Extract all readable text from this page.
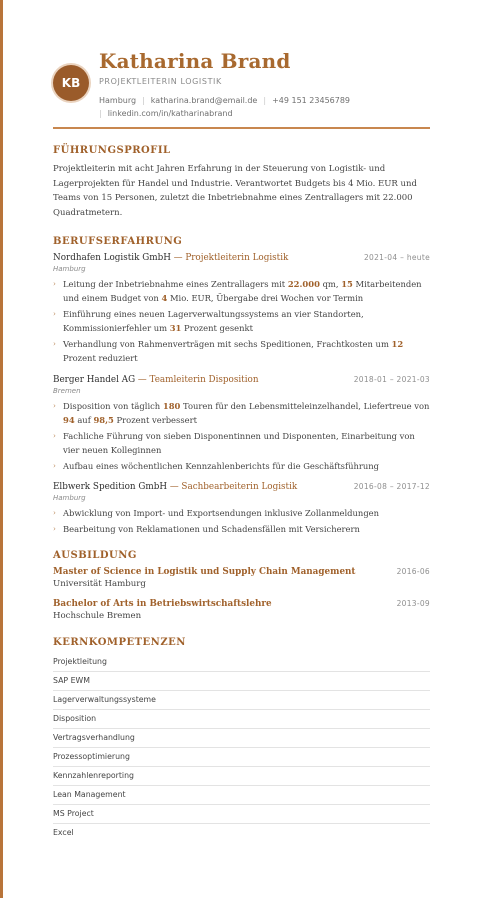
KB
Katharina Brand
PROJEKTLEITERIN LOGISTIK
Hamburg | katharina.brand@email.de | +49 151 23456789
| linkedin.com/in/katharinabrand
FÜHRUNGSPROFIL
Projektleiterin mit acht Jahren Erfahrung in der Steuerung von Logistik- und Lagerprojekten für Handel und Industrie. Verantwortet Budgets bis 4 Mio. EUR und Teams von 15 Personen, zuletzt die Inbetriebnahme eines Zentrallagers mit 22.000 Quadratmetern.
BERUFSERFAHRUNG
Nordhafen Logistik GmbH — Projektleiterin Logistik	2021-04 – heute
Hamburg
› Leitung der Inbetriebnahme eines Zentrallagers mit 22.000 qm, 15 Mitarbeitenden und einem Budget von 4 Mio. EUR, Übergabe drei Wochen vor Termin
› Einführung eines neuen Lagerverwaltungssystems an vier Standorten, Kommissionierfehler um 31 Prozent gesenkt
› Verhandlung von Rahmenverträgen mit sechs Speditionen, Frachtkosten um 12 Prozent reduziert
Berger Handel AG — Teamleiterin Disposition	2018-01 – 2021-03
Bremen
› Disposition von täglich 180 Touren für den Lebensmitteleinzelhandel, Liefertreue von 94 auf 98,5 Prozent verbessert
› Fachliche Führung von sieben Disponentinnen und Disponenten, Einarbeitung von vier neuen Kolleginnen
› Aufbau eines wöchentlichen Kennzahlenberichts für die Geschäftsführung
Elbwerk Spedition GmbH — Sachbearbeiterin Logistik	2016-08 – 2017-12
Hamburg
› Abwicklung von Import- und Exportsendungen inklusive Zollanmeldungen
› Bearbeitung von Reklamationen und Schadensfällen mit Versicherern
AUSBILDUNG
Master of Science in Logistik und Supply Chain Management	2016-06
Universität Hamburg
Bachelor of Arts in Betriebswirtschaftslehre	2013-09
Hochschule Bremen
KERNKOMPETENZEN
Projektleitung
SAP EWM
Lagerverwaltungssysteme
Disposition
Vertragsverhandlung
Prozessoptimierung
Kennzahlenreporting
Lean Management
MS Project
Excel
